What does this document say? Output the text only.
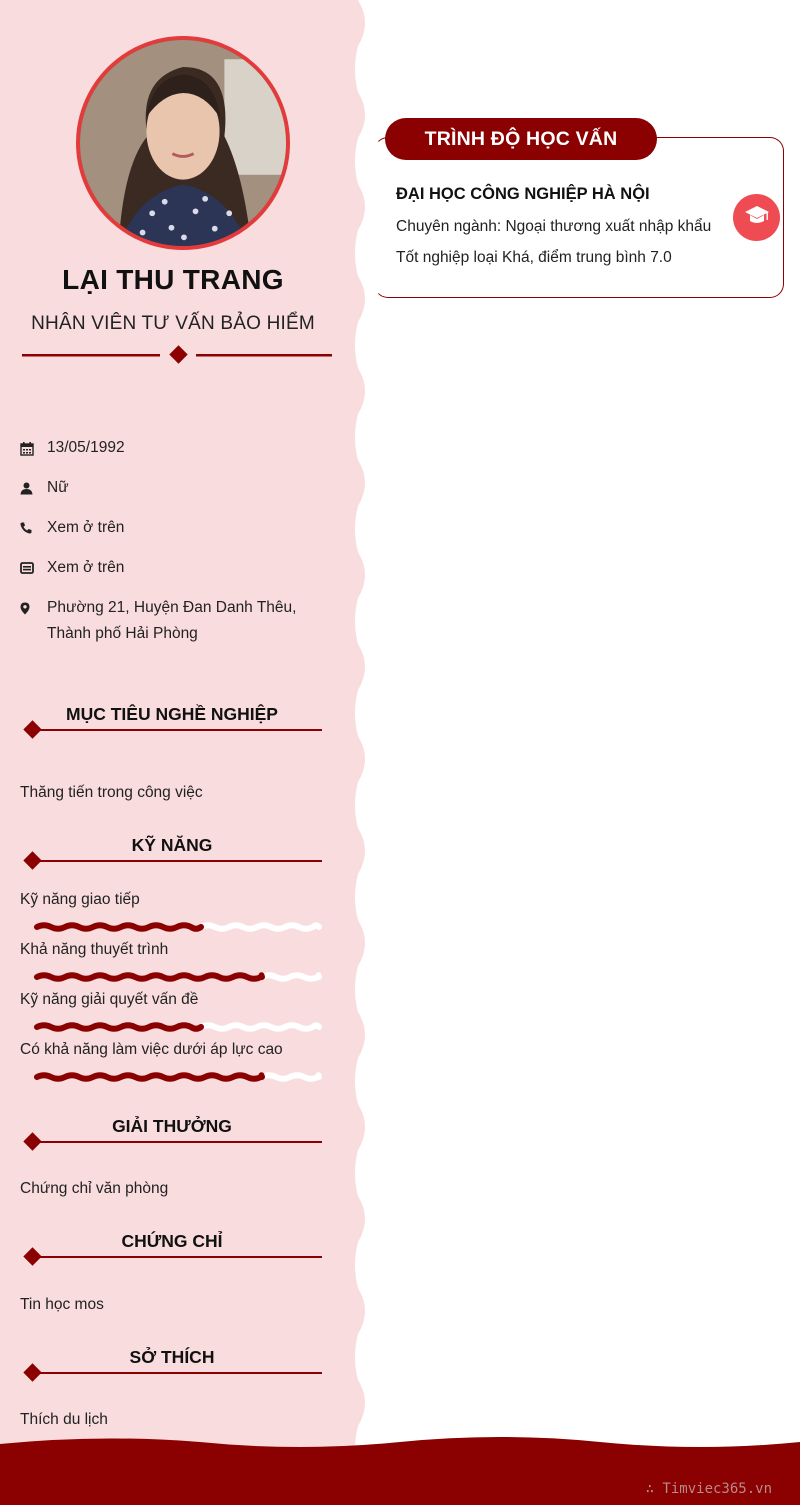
LẠI THU TRANG
NHÂN VIÊN TƯ VẤN BẢO HIỂM
13/05/1992
Nữ
Xem ở trên
Xem ở trên
Phường 21, Huyện Đan Danh Thêu,
Thành phố Hải Phòng
MỤC TIÊU NGHỀ NGHIỆP
Thăng tiến trong công việc
KỸ NĂNG
Kỹ năng giao tiếp
Khả năng thuyết trình
Kỹ năng giải quyết vấn đề
Có khả năng làm việc dưới áp lực cao
GIẢI THƯỞNG
Chứng chỉ văn phòng
CHỨNG CHỈ
Tin học mos
SỞ THÍCH
Thích du lịch
TRÌNH ĐỘ HỌC VẤN
ĐẠI HỌC CÔNG NGHIỆP HÀ NỘI
Chuyên ngành: Ngoại thương xuất nhập khẩu
Tốt nghiệp loại Khá, điểm trung bình 7.0
∴ Timviec365.vn
